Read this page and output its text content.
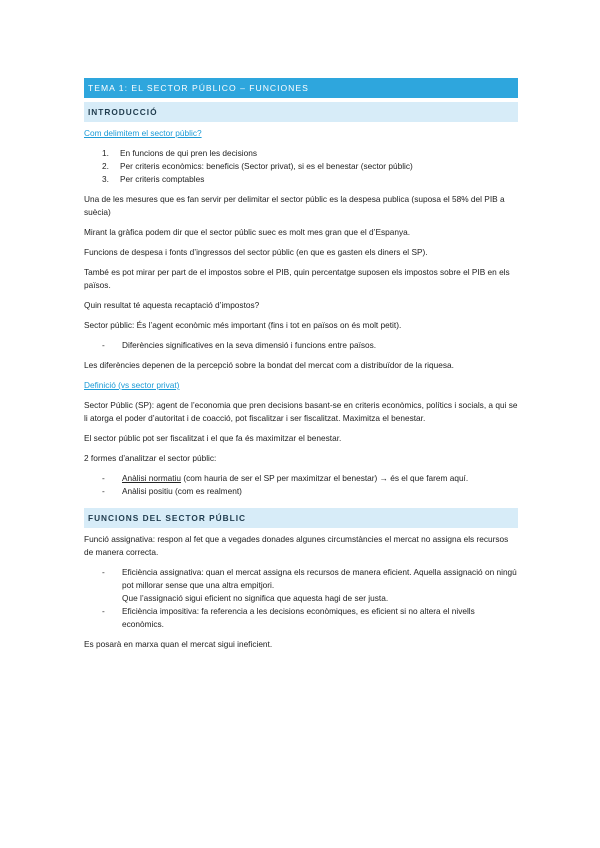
TEMA 1: EL SECTOR PÚBLICO – FUNCIONES
INTRODUCCIÓ

Com delimitem el sector públic?

1.	En funcions de qui pren les decisions
2.	Per criteris econòmics: beneficis (Sector privat), si es el benestar (sector públic)
3.	Per criteris comptables

Una de les mesures que es fan servir per delimitar el sector públic es la despesa publica (suposa el 58% del PIB a suècia)

Mirant la gràfica podem dir que el sector públic suec es molt mes gran que el d’Espanya.

Funcions de despesa i fonts d’ingressos del sector públic (en que es gasten els diners el SP).

També es pot mirar per part de el impostos sobre el PIB, quin percentatge suposen els impostos sobre el PIB en els països.

Quin resultat té aquesta recaptació d’impostos?

Sector públic: És l’agent econòmic més important (fins i tot en països on és molt petit).

-	Diferències significatives en la seva dimensió i funcions entre països.

Les diferències depenen de la percepció sobre la bondat del mercat com a distribuïdor de la riquesa.

Definició (vs sector privat)

Sector Públic (SP): agent de l’economia que pren decisions basant-se en criteris econòmics, polítics i socials, a qui se li atorga el poder d’autoritat i de coacció, pot fiscalitzar i ser fiscalitzat. Maximitza el benestar.

El sector públic pot ser fiscalitzat i el que fa és maximitzar el benestar.

2 formes d’analitzar el sector públic:

-	Anàlisi normatiu (com hauria de ser el SP per maximitzar el benestar) → és el que farem aquí.
-	Anàlisi positiu (com es realment)
FUNCIONS DEL SECTOR PÚBLIC

Funció assignativa: respon al fet que a vegades donades algunes circumstàncies el mercat no assigna els recursos de manera correcta.

-	Eficiència assignativa: quan el mercat assigna els recursos de manera eficient. Aquella assignació on ningú pot millorar sense que una altra empitjori.
Que l’assignació sigui eficient no significa que aquesta hagi de ser justa.
-	Eficiència impositiva: fa referencia a les decisions econòmiques, es eficient si no altera el nivells econòmics.

Es posarà en marxa quan el mercat sigui ineficient.
